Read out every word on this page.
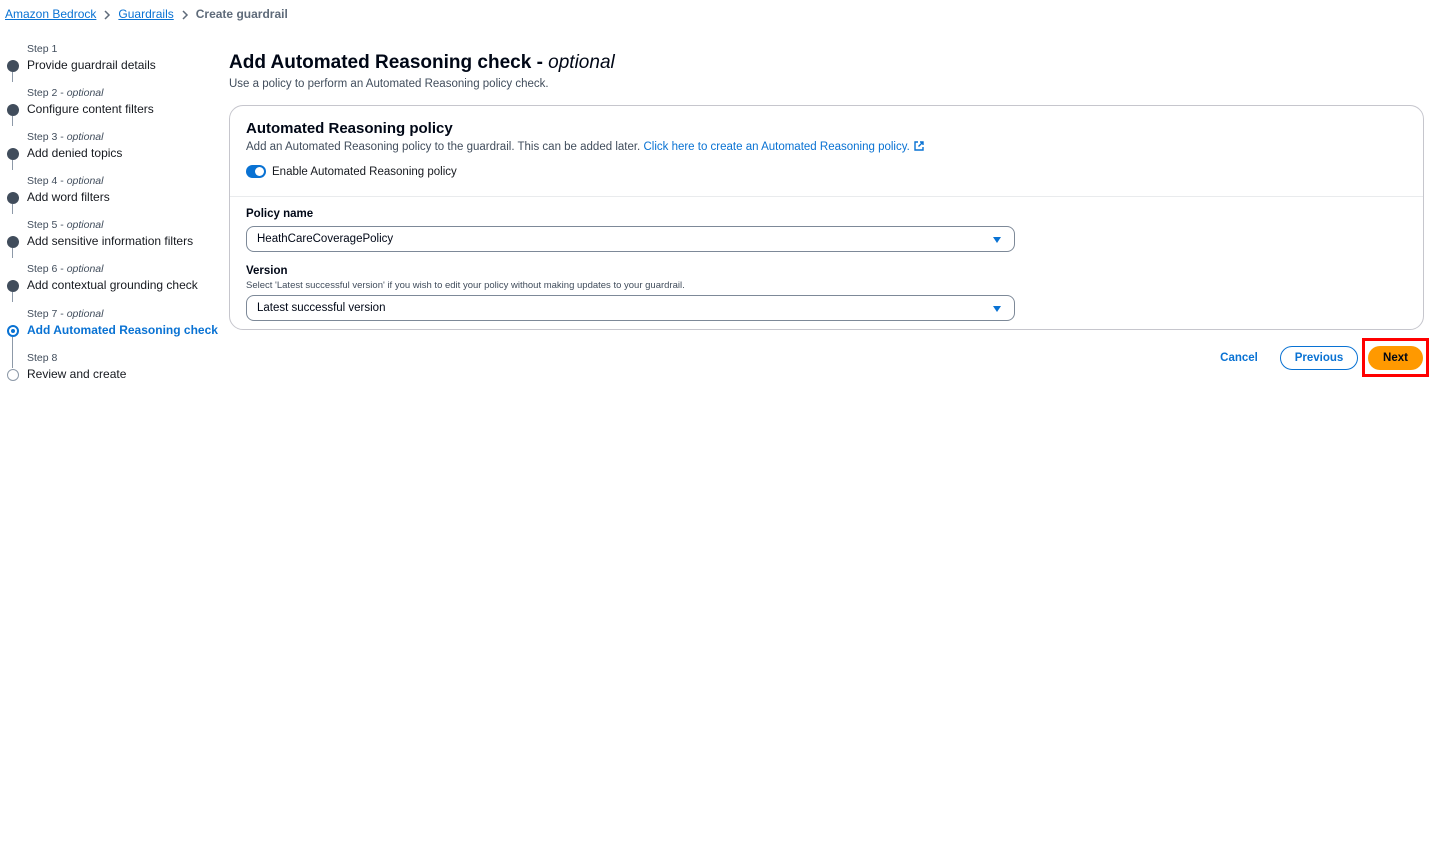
Amazon Bedrock Guardrails Create guardrail
Step 1
Provide guardrail details
Step 2 - optional
Configure content filters
Step 3 - optional
Add denied topics
Step 4 - optional
Add word filters
Step 5 - optional
Add sensitive information filters
Step 6 - optional
Add contextual grounding check
Step 7 - optional
Add Automated Reasoning check
Step 8
Review and create
Add Automated Reasoning check - optional

Use a policy to perform an Automated Reasoning policy check.

Automated Reasoning policy

Add an Automated Reasoning policy to the guardrail. This can be added later. Click here to create an Automated Reasoning policy.

Enable Automated Reasoning policy
Policy name
HeathCareCoveragePolicy
Version

Select 'Latest successful version' if you wish to edit your policy without making updates to your guardrail.

Latest successful version
Cancel	Previous	Next
